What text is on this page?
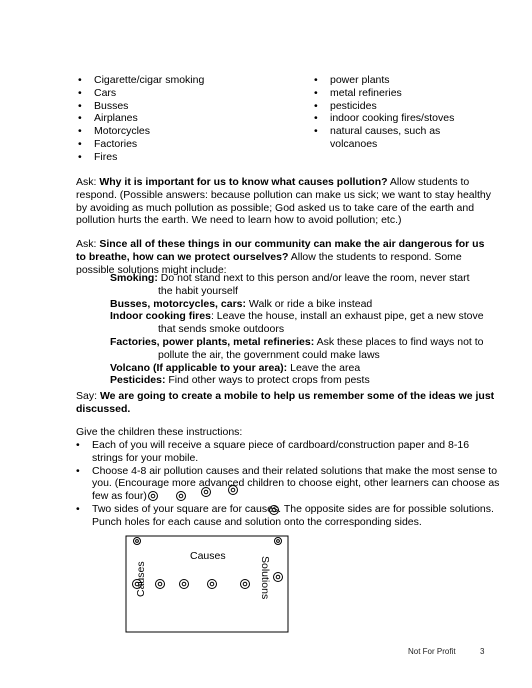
• Cigarette/cigar smoking
• Cars
• Busses
• Airplanes
• Motorcycles
• Factories
• Fires
• power plants
• metal refineries
• pesticides
• indoor cooking fires/stoves
• natural causes, such as volcanoes

Ask: Why it is important for us to know what causes pollution? Allow students to respond. (Possible answers: because pollution can make us sick; we want to stay healthy by avoiding as much pollution as possible; God asked us to take care of the earth and pollution hurts the earth. We need to learn how to avoid pollution; etc.)

Ask: Since all of these things in our community can make the air dangerous for us to breathe, how can we protect ourselves? Allow the students to respond. Some possible solutions might include:

Smoking: Do not stand next to this person and/or leave the room, never start
the habit yourself
Busses, motorcycles, cars: Walk or ride a bike instead
Indoor cooking fires: Leave the house, install an exhaust pipe, get a new stove
that sends smoke outdoors
Factories, power plants, metal refineries: Ask these places to find ways not to
pollute the air, the government could make laws
Volcano (If applicable to your area): Leave the area
Pesticides: Find other ways to protect crops from pests

Say: We are going to create a mobile to help us remember some of the ideas we just discussed.

Give the children these instructions:

• Each of you will receive a square piece of cardboard/construction paper and 8-16 strings for your mobile.
• Choose 4-8 air pollution causes and their related solutions that make the most sense to you. (Encourage more advanced children to choose eight, other learners can choose as few as four)
• Two sides of your square are for causes. The opposite sides are for possible solutions. Punch holes for each cause and solution onto the corresponding sides.
Causes
Causes	Solutions
Not For Profit	3
